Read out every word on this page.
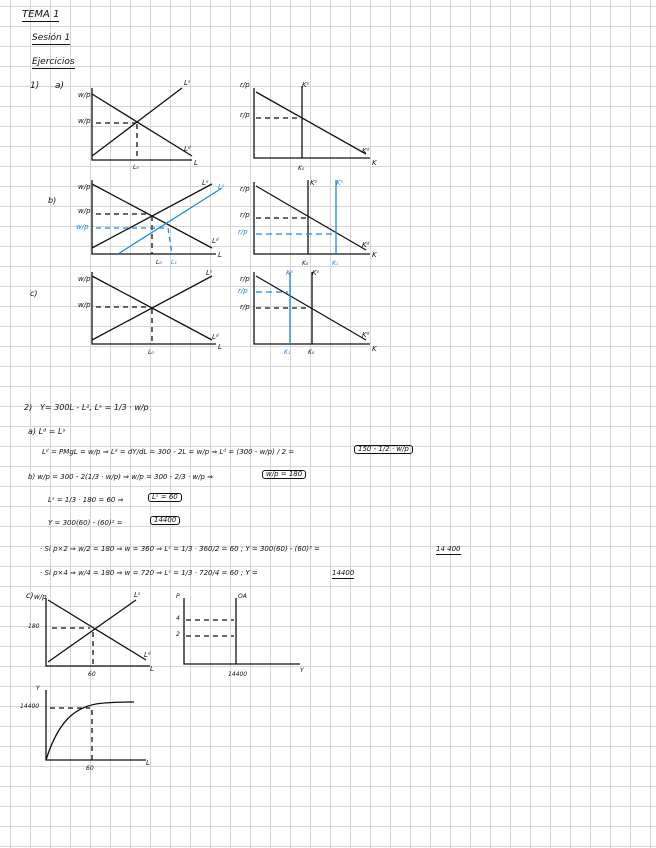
TEMA 1
Sesión 1
Ejercicios
1) a)
b)
c)
w/p
w/p
Lˢ
Lᵈ
L
L₀
r/p
r/p
Kˢ
Kᵈ
K
K₀
w/p
w/p
w/p
Lˢ Lˢ
Lᵈ
L
L₀ L₁
r/p
r/p
r/p
Kˢ	Kˢ
Kᵈ
K
K₀	K₁
w/p
w/p
Lˢ
Lᵈ
L
L₀
r/p
r/p
r/p
Kˢ	Kˢ
Kᵈ
K
K₁	K₀
2) Y= 300L - L², Lˢ = 1/3 · w/p
a) Lᵈ = Lˢ
Lᵈ = PMgL = w/p ⇒ Lᵈ = dY/dL = 300 - 2L = w/p ⇒ Lᵈ = (300 - w/p) / 2 =	150 - 1/2 · w/p
b) w/p = 300 - 2(1/3 · w/p) ⇒ w/p = 300 - 2/3 · w/p ⇒	w/p = 180
Lˢ = 1/3 · 180 = 60 ⇒	Lˢ = 60
Y = 300(60) - (60)² =	14400
· Si p×2 ⇒ w/2 = 180 ⇒ w = 360 ⇒ Lˢ = 1/3 · 360/2 = 60 ; Y = 300(60) - (60)² =	14 400
· Si p×4 ⇒ w/4 = 180 ⇒ w = 720 ⇒ Lˢ = 1/3 · 720/4 = 60 ; Y =	14400
c) w/p
180
Lˢ
Lᵈ
L
60
P	OA
4
2
14400
Y
Y
14400
60
L
